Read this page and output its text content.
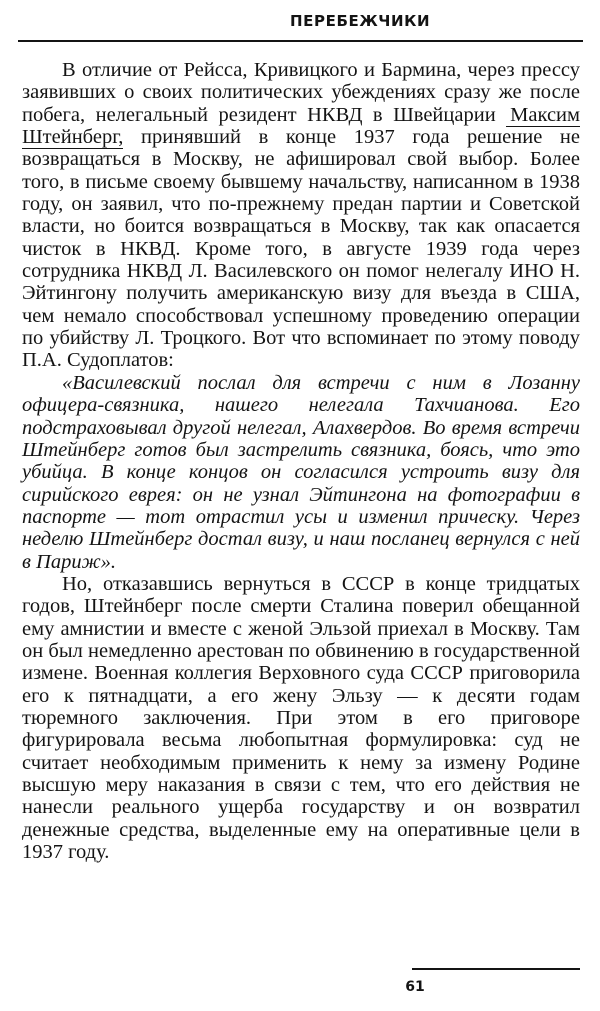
ПЕРЕБЕЖЧИКИ

В отличие от Рейсса, Кривицкого и Бармина, через прессу заявивших о своих политических убеждениях сразу же после побега, нелегальный резидент НКВД в Швейцарии Максим Штейнберг, принявший в конце 1937 года решение не возвращаться в Москву, не афишировал свой выбор. Более того, в письме своему бывшему начальству, написанном в 1938 году, он заявил, что по-прежнему предан партии и Советской власти, но боится возвращаться в Москву, так как опасается чисток в НКВД. Кроме того, в августе 1939 года через сотрудника НКВД Л. Василевского он помог нелегалу ИНО Н. Эйтингону получить американскую визу для въезда в США, чем немало способствовал успешному проведению операции по убийству Л. Троцкого. Вот что вспоминает по этому поводу П.А. Судоплатов:

«Василевский послал для встречи с ним в Лозанну офицера-связника, нашего нелегала Тахчианова. Его подстраховывал другой нелегал, Алахвердов. Во время встречи Штейнберг готов был застрелить связника, боясь, что это убийца. В конце концов он согласился устроить визу для сирийского еврея: он не узнал Эйтингона на фотографии в паспорте — тот отрастил усы и изменил прическу. Через неделю Штейнберг достал визу, и наш посланец вернулся с ней в Париж».

Но, отказавшись вернуться в СССР в конце тридцатых годов, Штейнберг после смерти Сталина поверил обещанной ему амнистии и вместе с женой Эльзой приехал в Москву. Там он был немедленно арестован по обвинению в государственной измене. Военная коллегия Верховного суда СССР приговорила его к пятнадцати, а его жену Эльзу — к десяти годам тюремного заключения. При этом в его приговоре фигурировала весьма любопытная формулировка: суд не считает необходимым применить к нему за измену Родине высшую меру наказания в связи с тем, что его действия не нанесли реального ущерба государству и он возвратил денежные средства, выделенные ему на оперативные цели в 1937 году.

61
